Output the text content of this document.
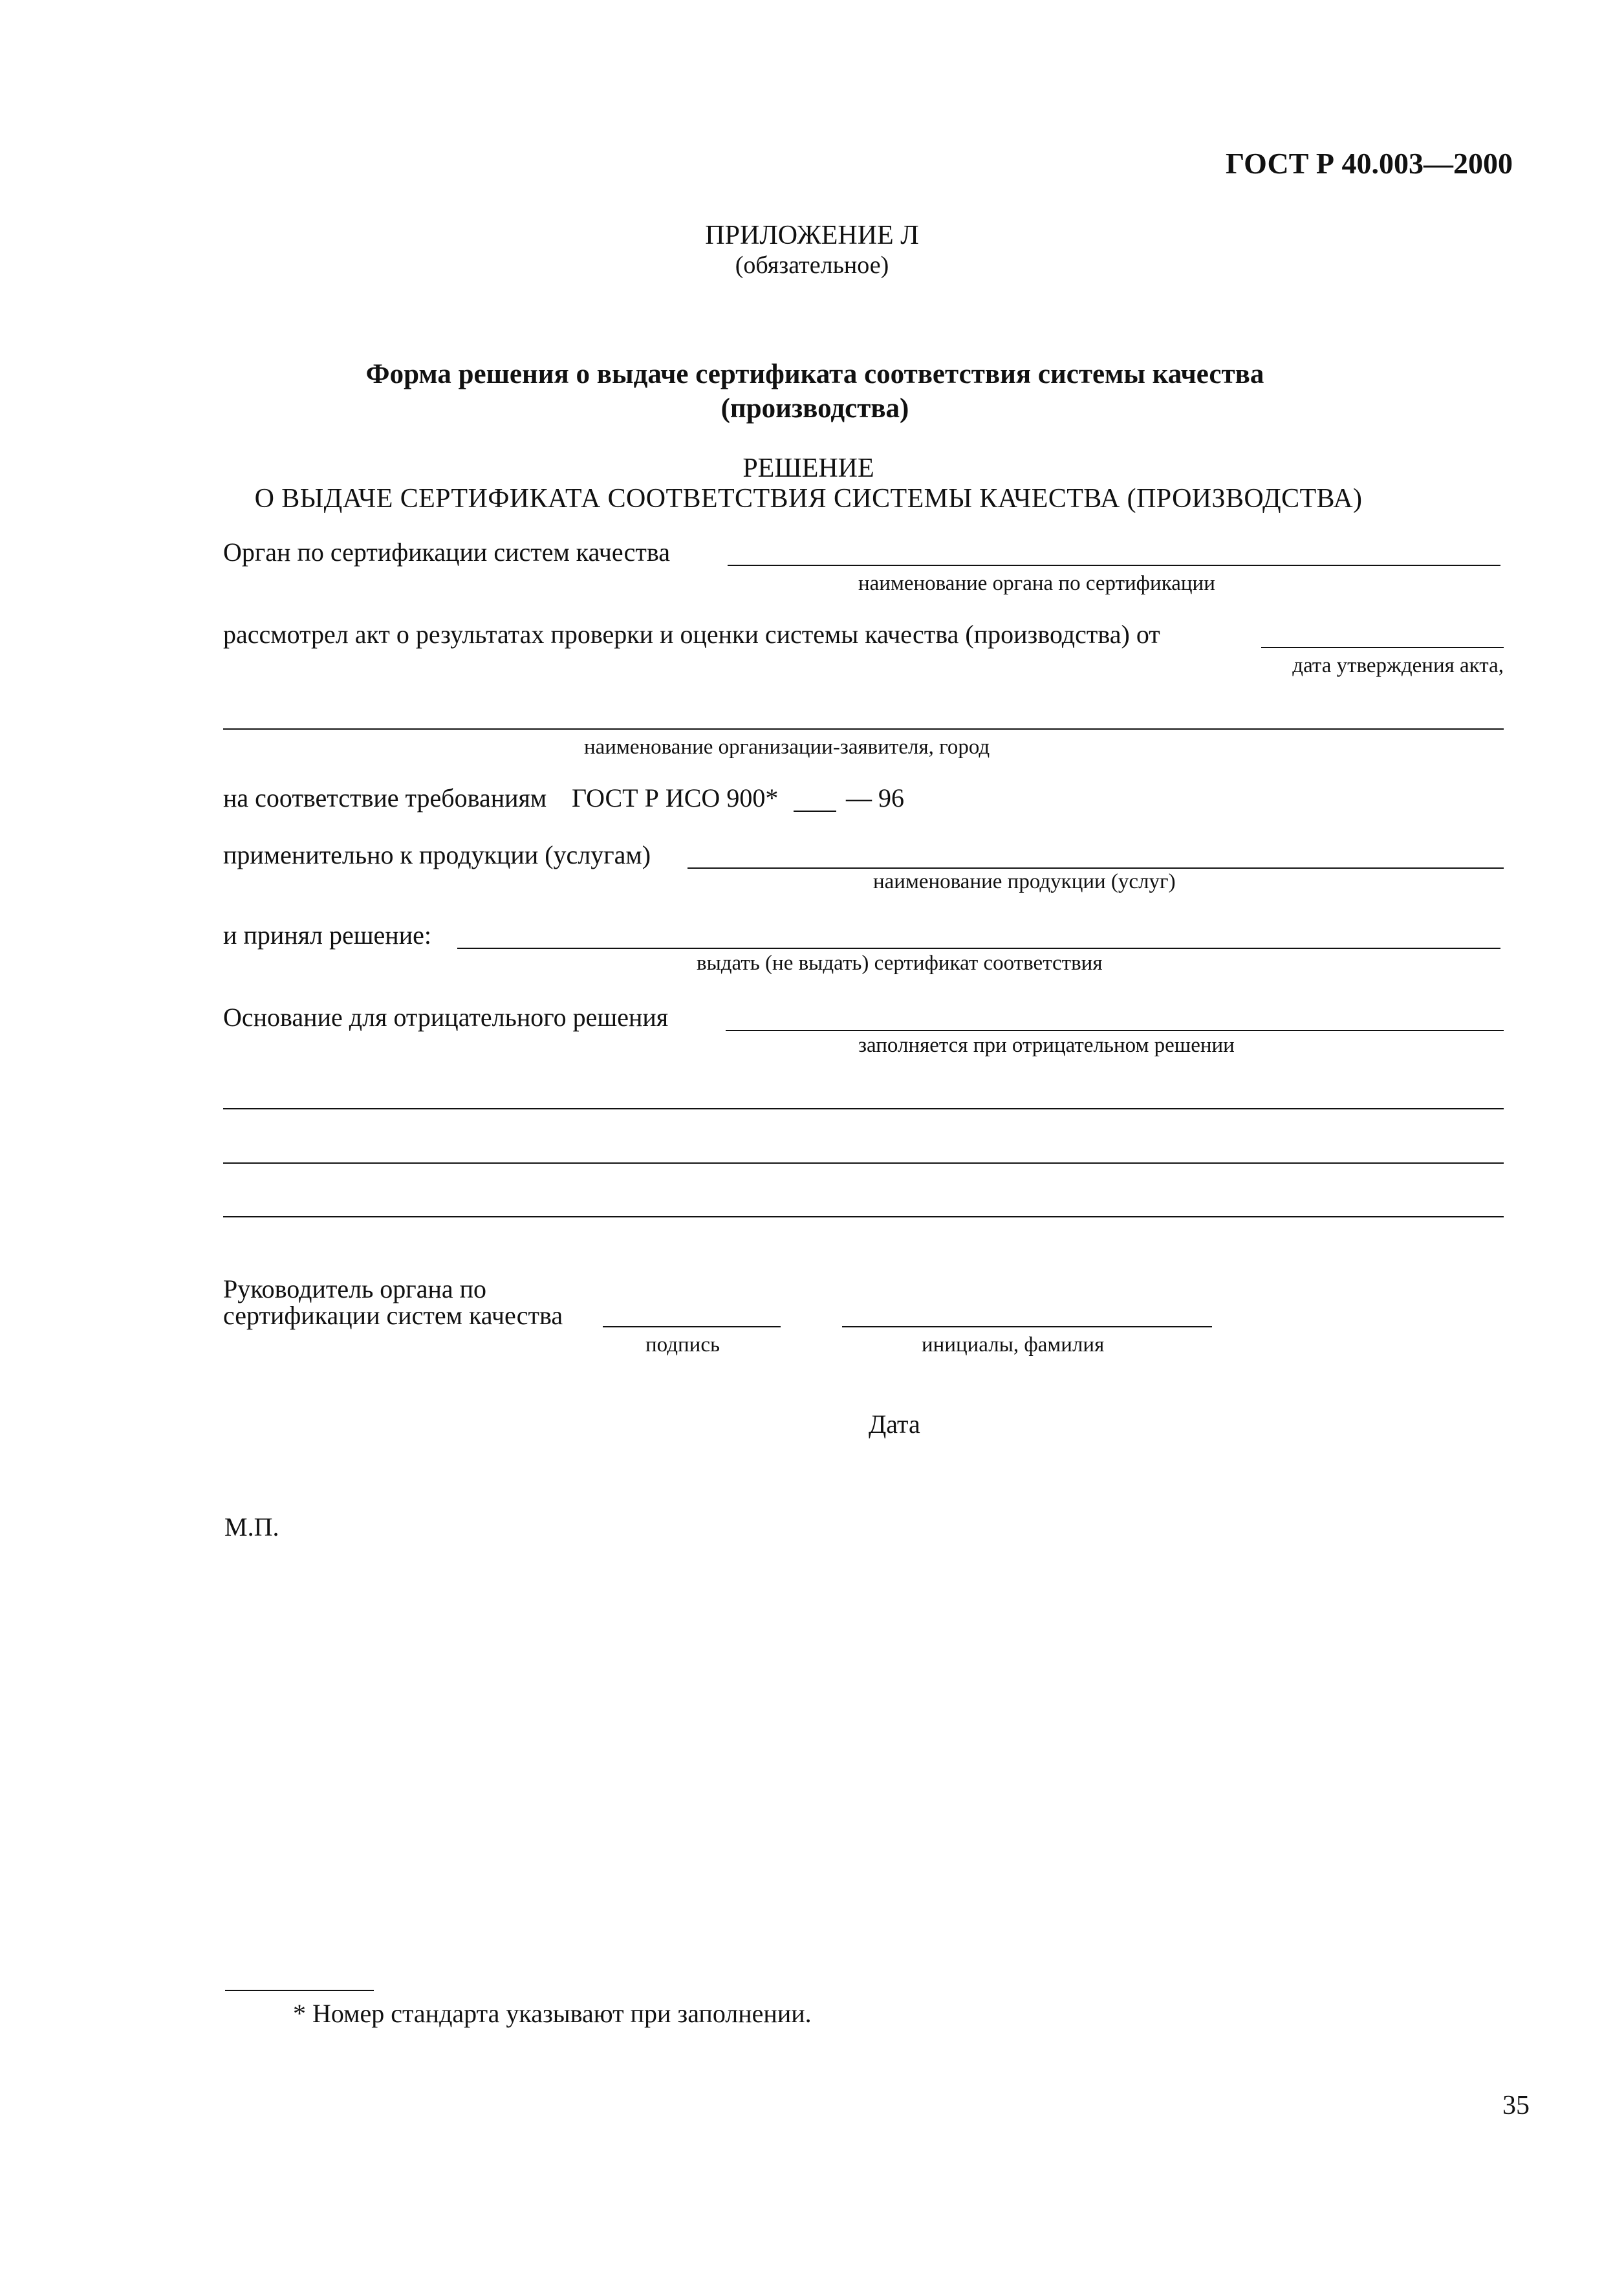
ГОСТ Р 40.003—2000
ПРИЛОЖЕНИЕ Л
(обязательное)
Форма решения о выдаче сертификата соответствия системы качества
(производства)
РЕШЕНИЕ
О ВЫДАЧЕ СЕРТИФИКАТА СООТВЕТСТВИЯ СИСТЕМЫ КАЧЕСТВА (ПРОИЗВОДСТВА)
Орган по сертификации систем качества
наименование органа по сертификации
рассмотрел акт о результатах проверки и оценки системы качества (производства) от
дата утверждения акта,
наименование организации-заявителя, город
на соответствие требованиям ГОСТ Р ИСО 900*	— 96
применительно к продукции (услугам)
наименование продукции (услуг)
и принял решение:
выдать (не выдать) сертификат соответствия
Основание для отрицательного решения
заполняется при отрицательном решении
Руководитель органа по
сертификации систем качества
подпись	инициалы, фамилия
Дата
М.П.
* Номер стандарта указывают при заполнении.
35
